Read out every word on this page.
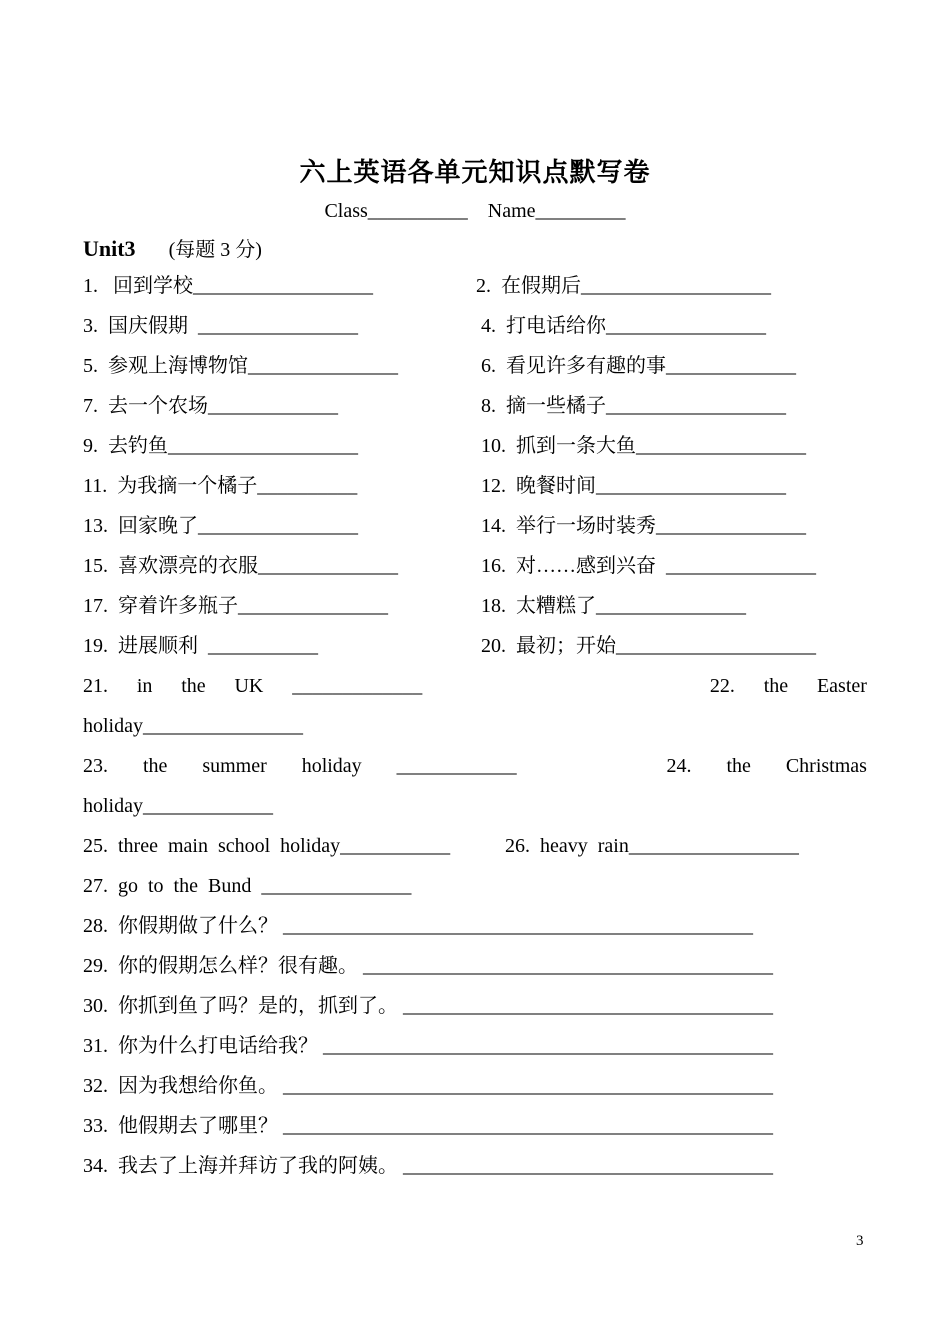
六上英语各单元知识点默写卷
Class__________    Name_________
Unit3 (每题 3 分)
1.   回到学校__________________	2.  在假期后___________________
3.  国庆假期  ________________	4.  打电话给你________________
5.  参观上海博物馆_______________	6.  看见许多有趣的事_____________
7.  去一个农场_____________	8.  摘一些橘子__________________
9.  去钓鱼___________________	10.  抓到一条大鱼_________________
11.  为我摘一个橘子__________	12.  晚餐时间___________________
13.  回家晚了________________	14.  举行一场时装秀_______________
15.  喜欢漂亮的衣服______________	16.  对……感到兴奋  _______________
17.  穿着许多瓶子_______________	18.  太糟糕了_______________
19.  进展顺利  ___________	20.  最初；开始____________________
21. in the UK _____________	22. the Easter
holiday________________
23. the summer holiday ____________	24. the Christmas
holiday_____________
25.  three  main  school  holiday___________	26.  heavy  rain_________________
27.  go  to  the  Bund  _______________
28.  你假期做了什么？ _______________________________________________
29.  你的假期怎么样？很有趣。 _________________________________________
30.  你抓到鱼了吗？是的，抓到了。 _____________________________________
31.  你为什么打电话给我？ _____________________________________________
32.  因为我想给你鱼。 _________________________________________________
33.  他假期去了哪里？ _________________________________________________
34.  我去了上海并拜访了我的阿姨。 _____________________________________
3
